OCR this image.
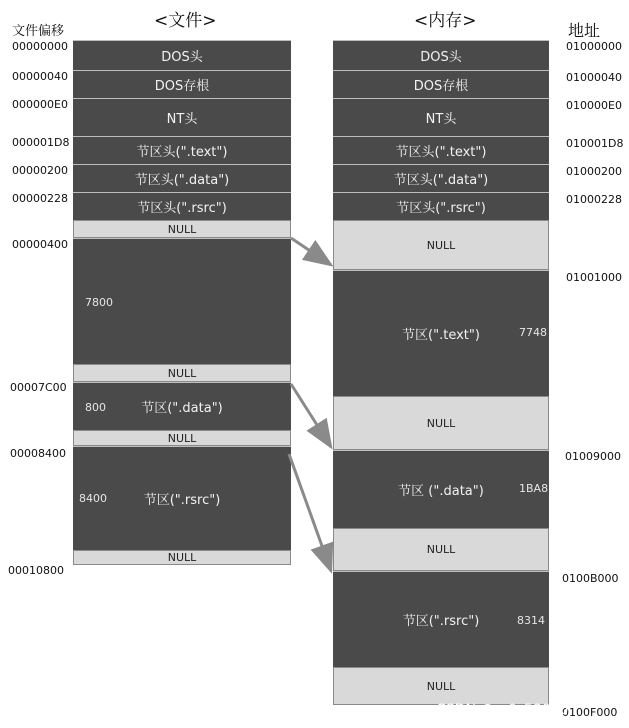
<文件>	<内存>
文件偏移	地址
DOS头
DOS存根
NT头
节区头(".text")
节区头(".data")
节区头(".rsrc")
NULL
NULL
节区(".data")
NULL
节区(".rsrc")
NULL
7800
800
8400
00000000
00000040
000000E0
000001D8
00000200
00000228
00000400
00007C00
00008400
00010800
DOS头
DOS存根
NT头
节区头(".text")
节区头(".data")
节区头(".rsrc")
NULL
节区(".text")
NULL
节区 (".data")
NULL
节区(".rsrc")
NULL
7748
1BA8
8314
01000000
01000040
010000E0
010001D8
01000200
01000228
01001000
01009000
0100B000
0100F000
CSDN @m0_58030
